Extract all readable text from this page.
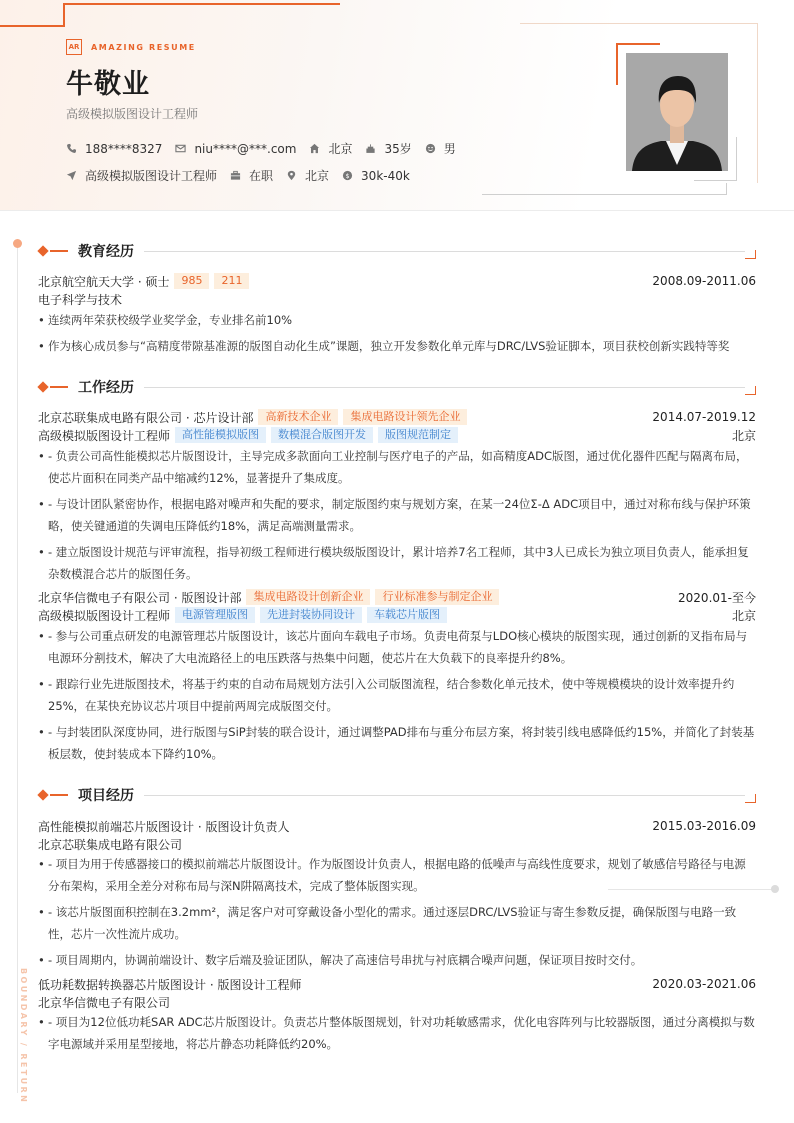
AR	AMAZING RESUME
牛敬业
高级模拟版图设计工程师
188****8327	niu****@***.com	北京	35岁	男
高级模拟版图设计工程师	在职	北京 $ 30k-40k
BOUNDARY / RETURN
教育经历
北京航空航天大学 · 硕士	985	211	2008.09-2011.06
电子科学与技术
• 连续两年荣获校级学业奖学金，专业排名前10%
• 作为核心成员参与“高精度带隙基准源的版图自动化生成”课题，独立开发参数化单元库与DRC/LVS验证脚本，项目获校创新实践特等奖
工作经历
北京芯联集成电路有限公司 · 芯片设计部	高新技术企业	集成电路设计领先企业	2014.07-2019.12
高级模拟版图设计工程师	高性能模拟版图	数模混合版图开发	版图规范制定	北京
• - 负责公司高性能模拟芯片版图设计，主导完成多款面向工业控制与医疗电子的产品，如高精度ADC版图，通过优化器件匹配与隔离布局，使芯片面积在同类产品中缩减约12%，显著提升了集成度。
• - 与设计团队紧密协作，根据电路对噪声和失配的要求，制定版图约束与规划方案，在某一24位Σ-Δ ADC项目中，通过对称布线与保护环策略，使关键通道的失调电压降低约18%，满足高端测量需求。
• - 建立版图设计规范与评审流程，指导初级工程师进行模块级版图设计，累计培养7名工程师，其中3人已成长为独立项目负责人，能承担复杂数模混合芯片的版图任务。
北京华信微电子有限公司 · 版图设计部	集成电路设计创新企业	行业标准参与制定企业	2020.01-至今
高级模拟版图设计工程师	电源管理版图	先进封装协同设计	车载芯片版图	北京
• - 参与公司重点研发的电源管理芯片版图设计，该芯片面向车载电子市场。负责电荷泵与LDO核心模块的版图实现，通过创新的叉指布局与电源环分割技术，解决了大电流路径上的电压跌落与热集中问题，使芯片在大负载下的良率提升约8%。
• - 跟踪行业先进版图技术，将基于约束的自动布局规划方法引入公司版图流程，结合参数化单元技术，使中等规模模块的设计效率提升约25%，在某快充协议芯片项目中提前两周完成版图交付。
• - 与封装团队深度协同，进行版图与SiP封装的联合设计，通过调整PAD排布与重分布层方案，将封装引线电感降低约15%，并简化了封装基板层数，使封装成本下降约10%。
项目经历
高性能模拟前端芯片版图设计 · 版图设计负责人	2015.03-2016.09
北京芯联集成电路有限公司
• - 项目为用于传感器接口的模拟前端芯片版图设计。作为版图设计负责人，根据电路的低噪声与高线性度要求，规划了敏感信号路径与电源分布架构，采用全差分对称布局与深N阱隔离技术，完成了整体版图实现。
• - 该芯片版图面积控制在3.2mm²，满足客户对可穿戴设备小型化的需求。通过逐层DRC/LVS验证与寄生参数反提，确保版图与电路一致性，芯片一次性流片成功。
• - 项目周期内，协调前端设计、数字后端及验证团队，解决了高速信号串扰与衬底耦合噪声问题，保证项目按时交付。
低功耗数据转换器芯片版图设计 · 版图设计工程师	2020.03-2021.06
北京华信微电子有限公司
• - 项目为12位低功耗SAR ADC芯片版图设计。负责芯片整体版图规划，针对功耗敏感需求，优化电容阵列与比较器版图，通过分离模拟与数字电源域并采用星型接地，将芯片静态功耗降低约20%。
